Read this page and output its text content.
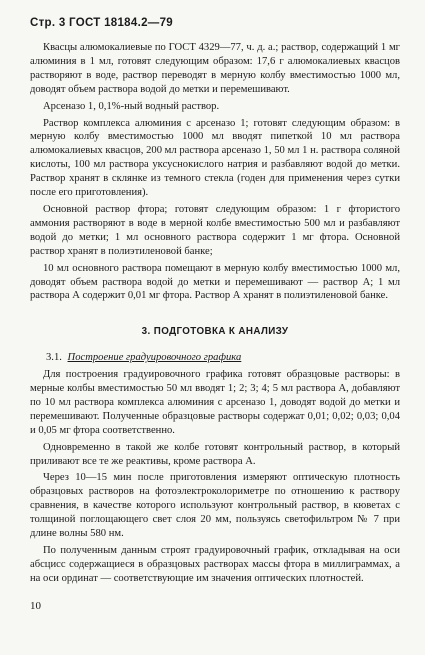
Стр. 3 ГОСТ 18184.2—79

Квасцы алюмокалиевые по ГОСТ 4329—77, ч. д. а.; раствор, содержащий 1 мг алюминия в 1 мл, готовят следующим образом: 17,6 г алюмокалиевых квасцов растворяют в воде, раствор переводят в мерную колбу вместимостью 1000 мл, доводят объем раствора водой до метки и перемешивают.

Арсеназо 1, 0,1%-ный водный раствор.

Раствор комплекса алюминия с арсеназо 1; готовят следующим образом: в мерную колбу вместимостью 1000 мл вводят пипеткой 10 мл раствора алюмокалиевых квасцов, 200 мл раствора арсеназо 1, 50 мл 1 н. раствора соляной кислоты, 100 мл раствора уксуснокислого натрия и разбавляют водой до метки. Раствор хранят в склянке из темного стекла (годен для применения через сутки после его приготовления).

Основной раствор фтора; готовят следующим образом: 1 г фтористого аммония растворяют в воде в мерной колбе вместимостью 500 мл и разбавляют водой до метки; 1 мл основного раствора содержит 1 мг фтора. Основной раствор хранят в полиэтиленовой банке;

10 мл основного раствора помещают в мерную колбу вместимостью 1000 мл, доводят объем раствора водой до метки и перемешивают — раствор А; 1 мл раствора А содержит 0,01 мг фтора. Раствор А хранят в полиэтиленовой банке.

3. ПОДГОТОВКА К АНАЛИЗУ

3.1. Построение градуировочного графика

Для построения градуировочного графика готовят образцовые растворы: в мерные колбы вместимостью 50 мл вводят 1; 2; 3; 4; 5 мл раствора А, добавляют по 10 мл раствора комплекса алюминия с арсеназо 1, доводят водой до метки и перемешивают. Полученные образцовые растворы содержат 0,01; 0,02; 0,03; 0,04 и 0,05 мг фтора соответственно.

Одновременно в такой же колбе готовят контрольный раствор, в который приливают все те же реактивы, кроме раствора А.

Через 10—15 мин после приготовления измеряют оптическую плотность образцовых растворов на фотоэлектроколориметре по отношению к раствору сравнения, в качестве которого используют контрольный раствор, в кюветах с толщиной поглощающего свет слоя 20 мм, пользуясь светофильтром № 7 при длине волны 580 нм.

По полученным данным строят градуировочный график, откладывая на оси абсцисс содержащиеся в образцовых растворах массы фтора в миллиграммах, а на оси ординат — соответствующие им значения оптических плотностей.

10
